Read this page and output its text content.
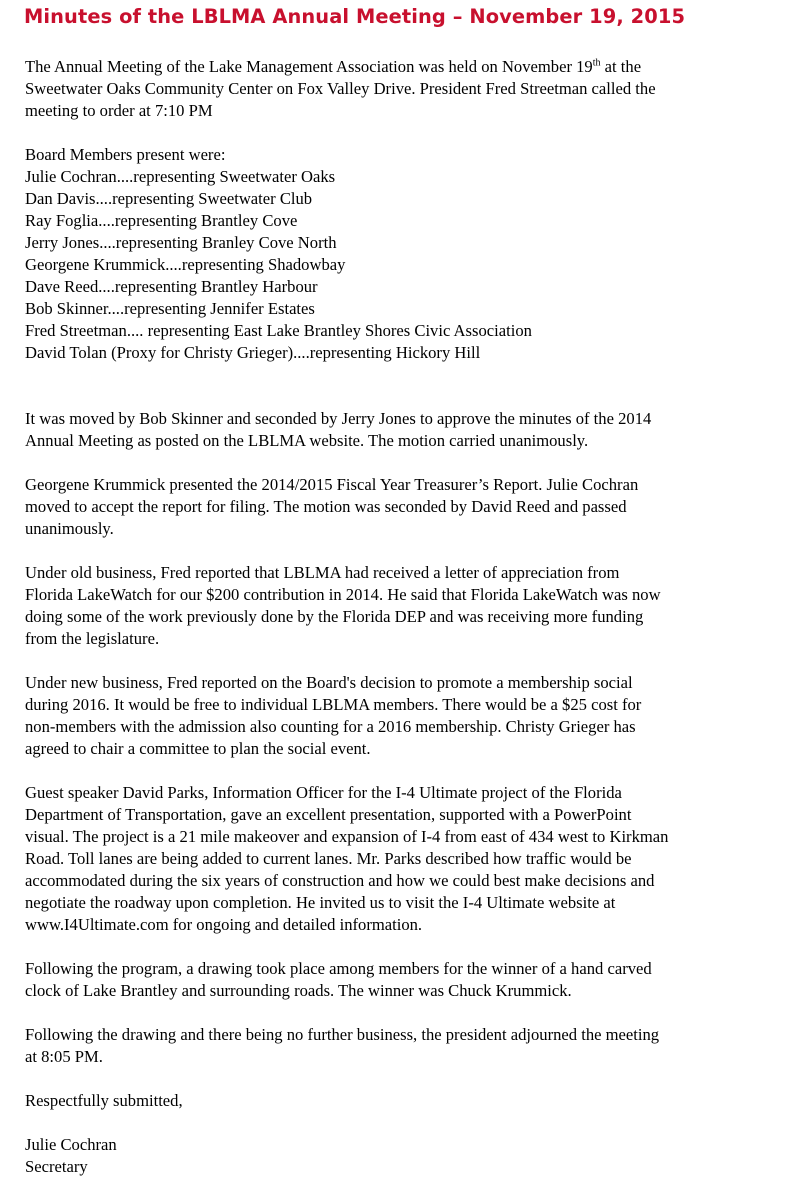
Minutes of the LBLMA Annual Meeting – November 19, 2015

The Annual Meeting of the Lake Management Association was held on November 19th at the
Sweetwater Oaks Community Center on Fox Valley Drive. President Fred Streetman called the
meeting to order at 7:10 PM

Board Members present were:
Julie Cochran....representing Sweetwater Oaks
Dan Davis....representing Sweetwater Club
Ray Foglia....representing Brantley Cove
Jerry Jones....representing Branley Cove North
Georgene Krummick....representing Shadowbay
Dave Reed....representing Brantley Harbour
Bob Skinner....representing Jennifer Estates
Fred Streetman.... representing East Lake Brantley Shores Civic Association
David Tolan (Proxy for Christy Grieger)....representing Hickory Hill

It was moved by Bob Skinner and seconded by Jerry Jones to approve the minutes of the 2014
Annual Meeting as posted on the LBLMA website. The motion carried unanimously.

Georgene Krummick presented the 2014/2015 Fiscal Year Treasurer’s Report. Julie Cochran
moved to accept the report for filing. The motion was seconded by David Reed and passed
unanimously.

Under old business, Fred reported that LBLMA had received a letter of appreciation from
Florida LakeWatch for our $200 contribution in 2014. He said that Florida LakeWatch was now
doing some of the work previously done by the Florida DEP and was receiving more funding
from the legislature.

Under new business, Fred reported on the Board's decision to promote a membership social
during 2016. It would be free to individual LBLMA members. There would be a $25 cost for
non-members with the admission also counting for a 2016 membership. Christy Grieger has
agreed to chair a committee to plan the social event.

Guest speaker David Parks, Information Officer for the I-4 Ultimate project of the Florida
Department of Transportation, gave an excellent presentation, supported with a PowerPoint
visual. The project is a 21 mile makeover and expansion of I-4 from east of 434 west to Kirkman
Road. Toll lanes are being added to current lanes. Mr. Parks described how traffic would be
accommodated during the six years of construction and how we could best make decisions and
negotiate the roadway upon completion. He invited us to visit the I-4 Ultimate website at
www.I4Ultimate.com for ongoing and detailed information.

Following the program, a drawing took place among members for the winner of a hand carved
clock of Lake Brantley and surrounding roads. The winner was Chuck Krummick.

Following the drawing and there being no further business, the president adjourned the meeting
at 8:05 PM.

Respectfully submitted,

Julie Cochran
Secretary
